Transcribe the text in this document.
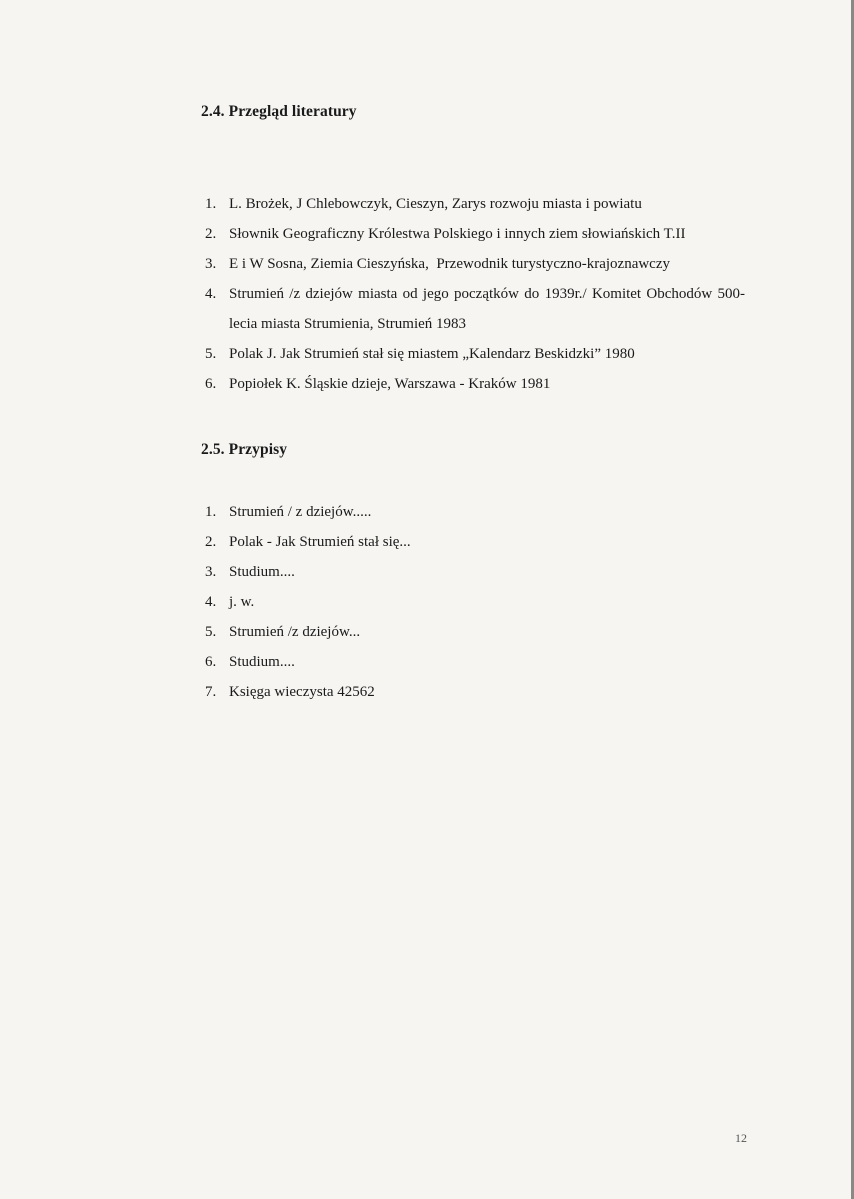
2.4. Przegląd literatury
1. L. Brożek, J Chlebowczyk, Cieszyn, Zarys rozwoju miasta i powiatu
2. Słownik Geograficzny Królestwa Polskiego i innych ziem słowiańskich T.II
3. E i W Sosna, Ziemia Cieszyńska,  Przewodnik turystyczno-krajoznawczy
4. Strumień /z dziejów miasta od jego początków do 1939r./ Komitet Obchodów 500-lecia miasta Strumienia, Strumień 1983
5. Polak J. Jak Strumień stał się miastem „Kalendarz Beskidzki” 1980
6. Popiołek K. Śląskie dzieje, Warszawa - Kraków 1981
2.5. Przypisy
1. Strumień / z dziejów.....
2. Polak - Jak Strumień stał się...
3. Studium....
4. j. w.
5. Strumień /z dziejów...
6. Studium....
7. Księga wieczysta 42562
12
